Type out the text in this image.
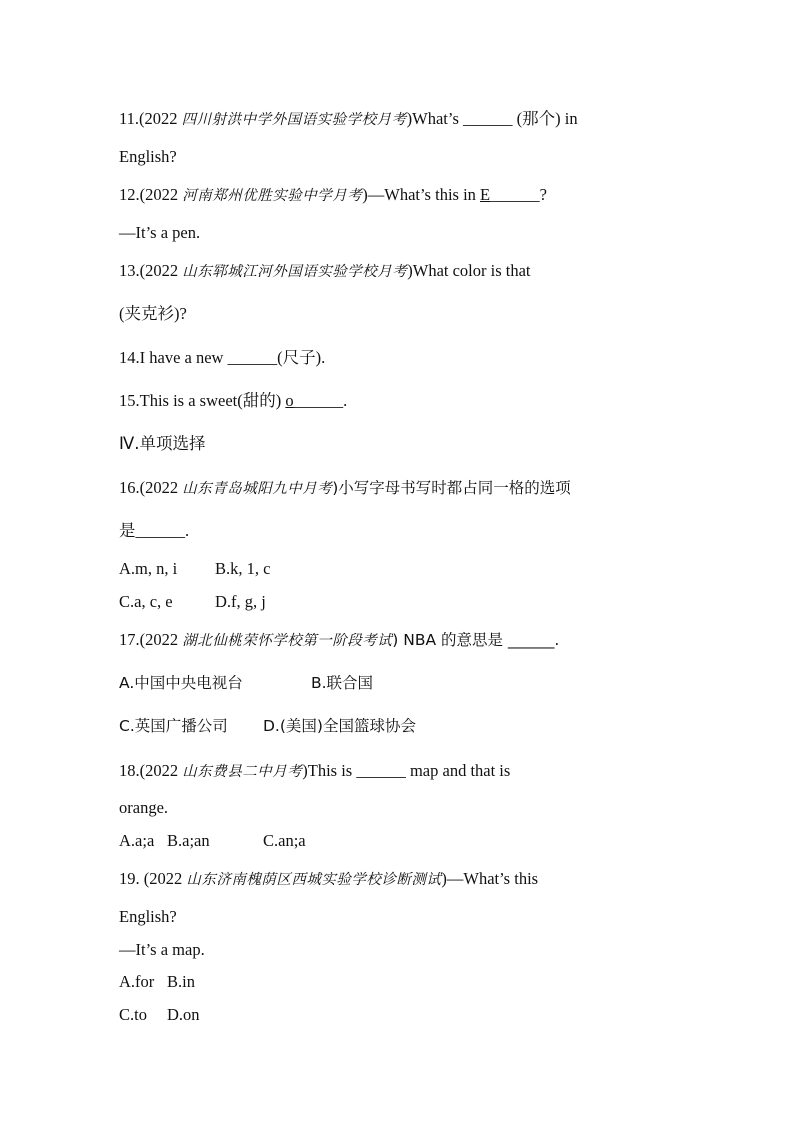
11.(2022 四川射洪中学外国语实验学校月考)What’s ______ (那个) in
English?
12.(2022 河南郑州优胜实验中学月考)—What’s this in E______?
—It’s a pen.
13.(2022 山东郓城江河外国语实验学校月考)What color is that
(夹克衫)?
14.I have a new ______(尺子).
15.This is a sweet(甜的) o______.
Ⅳ.单项选择
16.(2022 山东青岛城阳九中月考)小写字母书写时都占同一格的选项
是______.
A.m, n, i B.k, 1, c
C.a, c, e	D.f, g, j
17.(2022 湖北仙桃荣怀学校第一阶段考试) NBA 的意思是 ______.
A.中国中央电视台	B.联合国
C.英国广播公司 D.(美国)全国篮球协会
18.(2022 山东费县二中月考)This is ______ map and that is
orange.
A.a;a B.a;an	C.an;a
19. (2022 山东济南槐荫区西城实验学校诊断测试)—What’s this
English?
—It’s a map.
A.for B.in
C.to D.on
